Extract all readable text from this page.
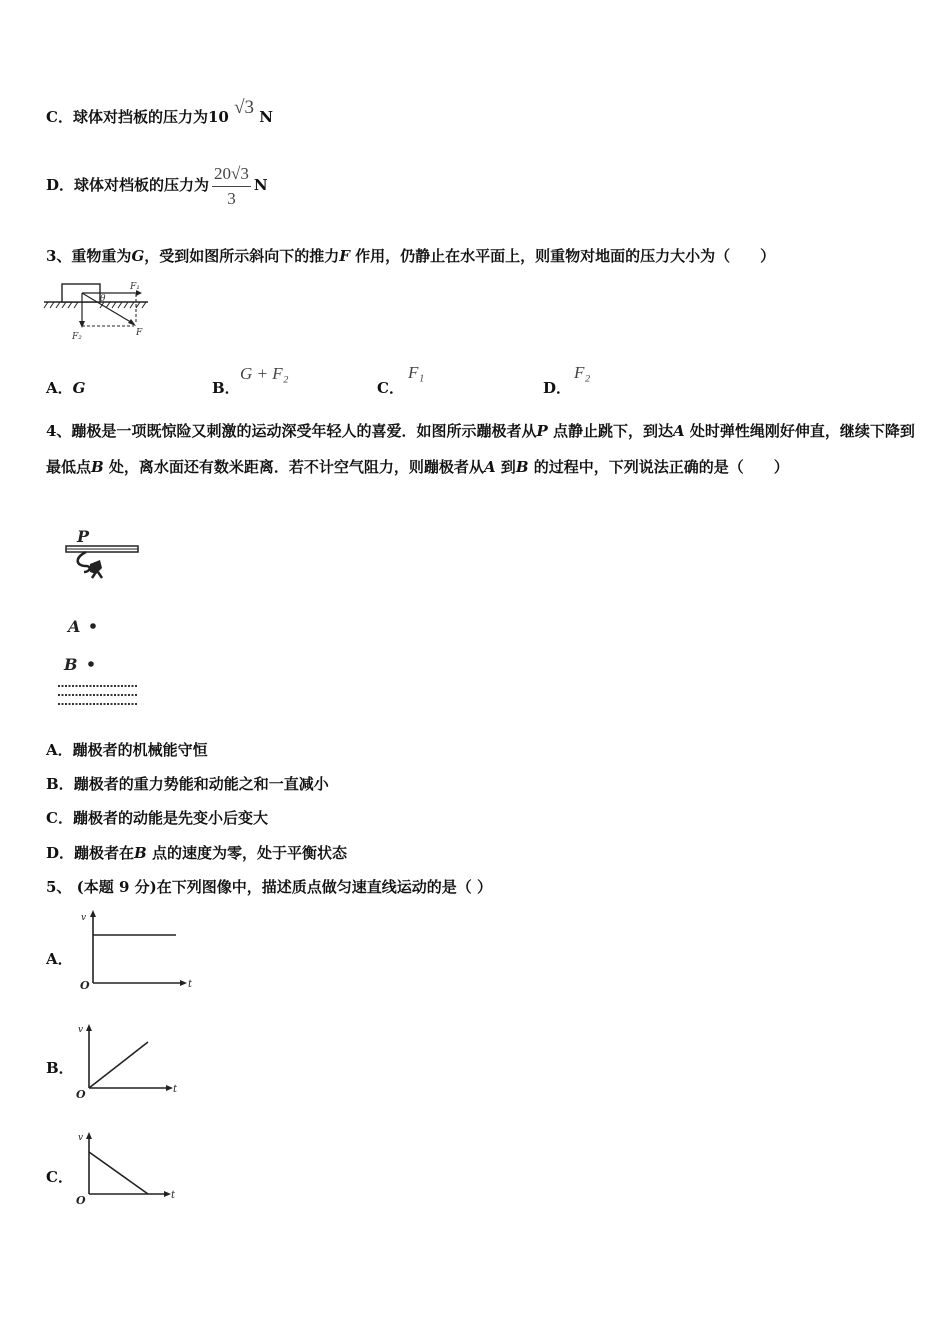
C．球体对挡板的压力为10 √3 N
D．球体对档板的压力为 $\frac{20√3}{3}$ N
3、重物重为G，受到如图所示斜向下的推力F 作用，仍静止在水平面上，则重物对地面的压力大小为（　　）
F₁
θ
F₂	F
A．G	B．
G + F₂
C．
F₁
D．
F₂
4、蹦极是一项既惊险又刺激的运动深受年轻人的喜爱．如图所示蹦极者从P 点静止跳下，到达A 处时弹性绳刚好伸直，继续下降到最低点B 处，离水面还有数米距离．若不计空气阻力，则蹦极者从A 到B 的过程中，下列说法正确的是（　　）
P
A
B
A．蹦极者的机械能守恒
B．蹦极者的重力势能和动能之和一直减小
C．蹦极者的动能是先变小后变大
D．蹦极者在B 点的速度为零，处于平衡状态
5、 (本题 9 分)在下列图像中，描述质点做匀速直线运动的是（ ）
A．
v
O	t
B．
v
O	t
C．
v
O	t
